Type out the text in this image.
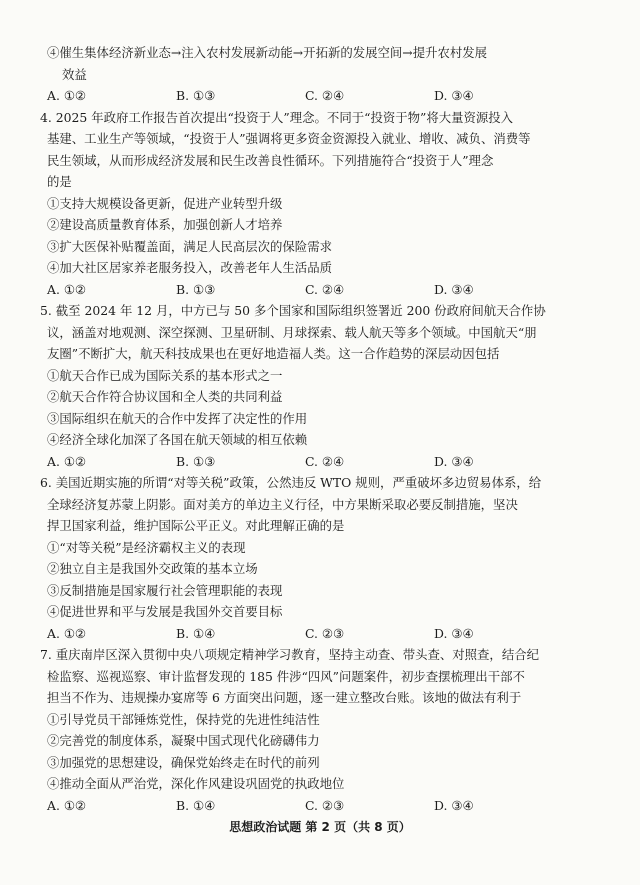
④催生集体经济新业态→注入农村发展新动能→开拓新的发展空间→提升农村发展
效益
A. ①②	B. ①③	C. ②④	D. ③④
4. 2025 年政府工作报告首次提出“投资于人”理念。不同于“投资于物”将大量资源投入
基建、工业生产等领域，“投资于人”强调将更多资金资源投入就业、增收、减负、消费等
民生领域，从而形成经济发展和民生改善良性循环。下列措施符合“投资于人”理念
的是
①支持大规模设备更新，促进产业转型升级
②建设高质量教育体系，加强创新人才培养
③扩大医保补贴覆盖面，满足人民高层次的保险需求
④加大社区居家养老服务投入，改善老年人生活品质
A. ①②	B. ①③	C. ②④	D. ③④
5. 截至 2024 年 12 月，中方已与 50 多个国家和国际组织签署近 200 份政府间航天合作协
议，涵盖对地观测、深空探测、卫星研制、月球探索、载人航天等多个领域。中国航天“朋
友圈”不断扩大，航天科技成果也在更好地造福人类。这一合作趋势的深层动因包括
①航天合作已成为国际关系的基本形式之一
②航天合作符合协议国和全人类的共同利益
③国际组织在航天的合作中发挥了决定性的作用
④经济全球化加深了各国在航天领域的相互依赖
A. ①②	B. ①③	C. ②④	D. ③④
6. 美国近期实施的所谓“对等关税”政策，公然违反 WTO 规则，严重破坏多边贸易体系，给
全球经济复苏蒙上阴影。面对美方的单边主义行径，中方果断采取必要反制措施，坚决
捍卫国家利益，维护国际公平正义。对此理解正确的是
①“对等关税”是经济霸权主义的表现
②独立自主是我国外交政策的基本立场
③反制措施是国家履行社会管理职能的表现
④促进世界和平与发展是我国外交首要目标
A. ①②	B. ①④	C. ②③	D. ③④
7. 重庆南岸区深入贯彻中央八项规定精神学习教育，坚持主动查、带头查、对照查，结合纪
检监察、巡视巡察、审计监督发现的 185 件涉“四风”问题案件，初步查摆梳理出干部不
担当不作为、违规操办宴席等 6 方面突出问题，逐一建立整改台账。该地的做法有利于
①引导党员干部锤炼党性，保持党的先进性纯洁性
②完善党的制度体系，凝聚中国式现代化磅礴伟力
③加强党的思想建设，确保党始终走在时代的前列
④推动全面从严治党，深化作风建设巩固党的执政地位
A. ①②	B. ①④	C. ②③	D. ③④
思想政治试题 第 2 页（共 8 页）
